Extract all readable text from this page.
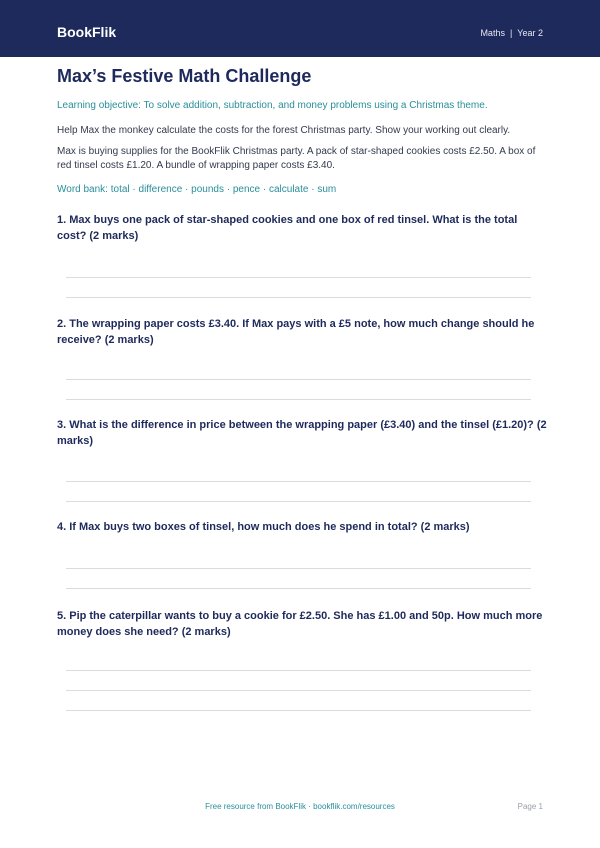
BookFlik	Maths | Year 2
Max’s Festive Math Challenge
Learning objective: To solve addition, subtraction, and money problems using a Christmas theme.
Help Max the monkey calculate the costs for the forest Christmas party. Show your working out clearly.
Max is buying supplies for the BookFlik Christmas party. A pack of star-shaped cookies costs £2.50. A box of red tinsel costs £1.20. A bundle of wrapping paper costs £3.40.
Word bank: total · difference · pounds · pence · calculate · sum
1. Max buys one pack of star-shaped cookies and one box of red tinsel. What is the total cost? (2 marks)
2. The wrapping paper costs £3.40. If Max pays with a £5 note, how much change should he receive? (2 marks)
3. What is the difference in price between the wrapping paper (£3.40) and the tinsel (£1.20)? (2 marks)
4. If Max buys two boxes of tinsel, how much does he spend in total? (2 marks)
5. Pip the caterpillar wants to buy a cookie for £2.50. She has £1.00 and 50p. How much more money does she need? (2 marks)
Free resource from BookFlik · bookflik.com/resources	Page 1
